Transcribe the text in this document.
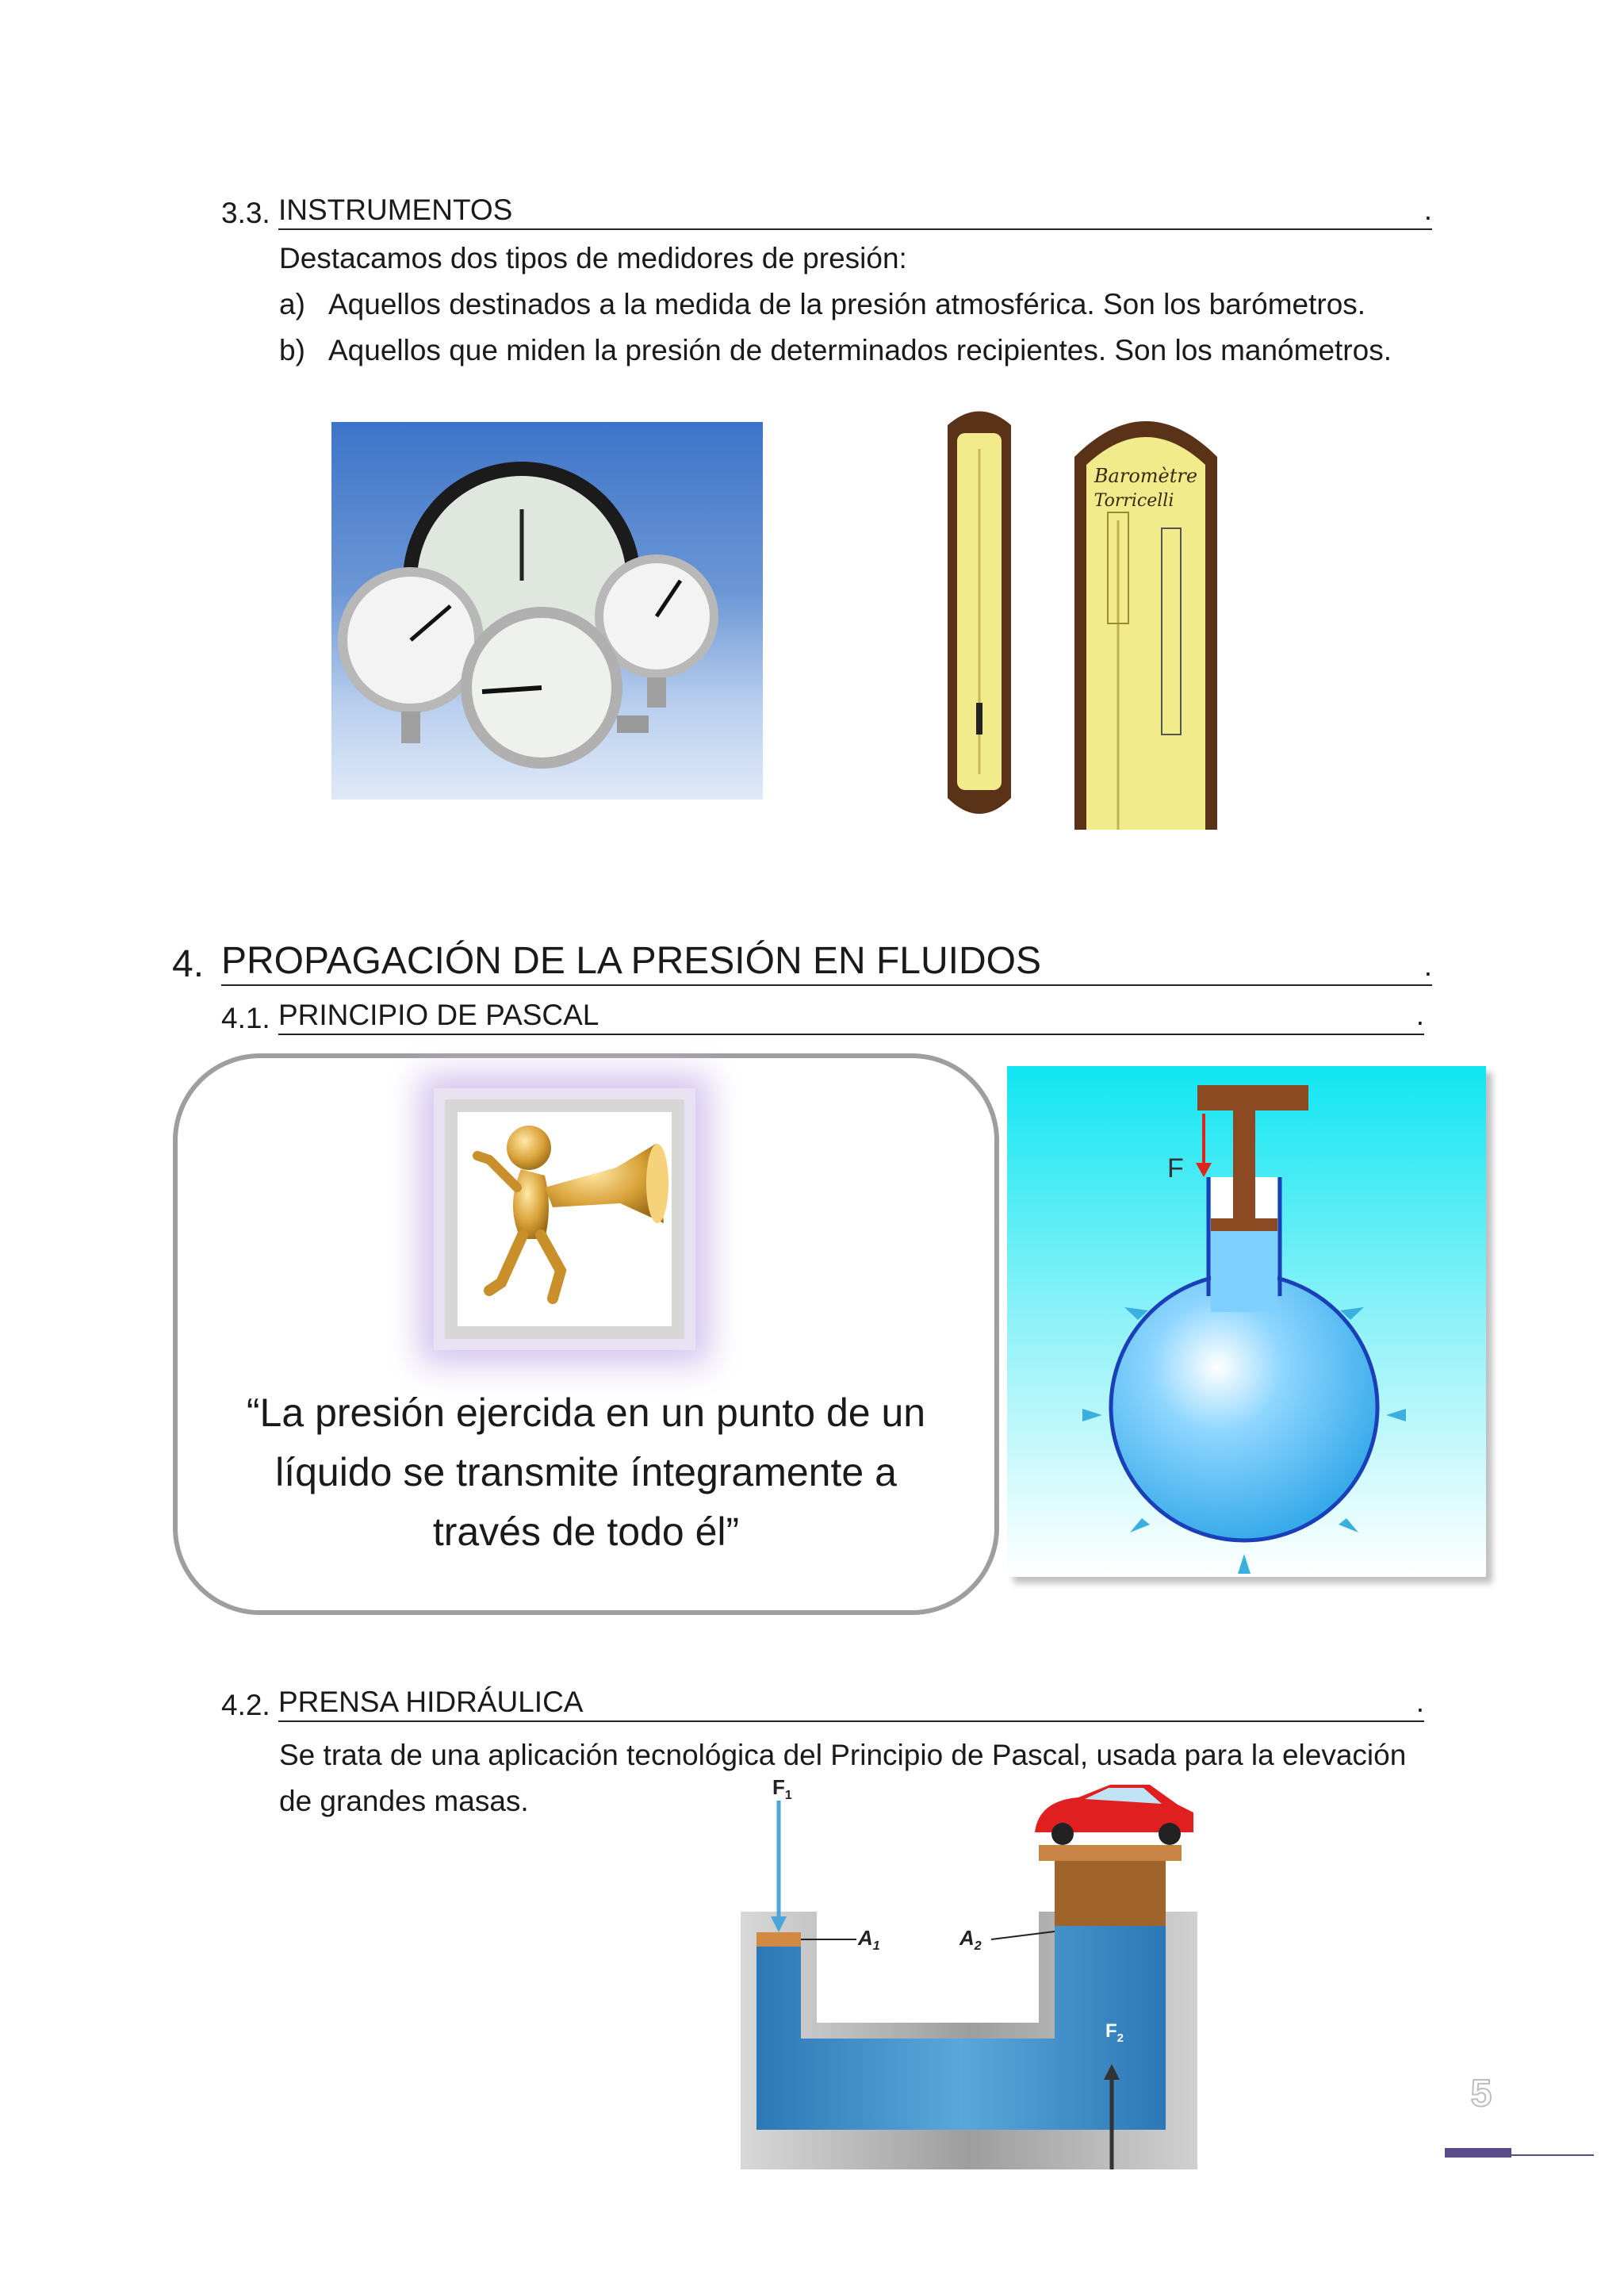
3.3. INSTRUMENTOS	.
Destacamos dos tipos de medidores de presión:
a) Aquellos destinados a la medida de la presión atmosférica. Son los barómetros.
b) Aquellos que miden la presión de determinados recipientes. Son los manómetros.
Baromètre
Torricelli
4. PROPAGACIÓN DE LA PRESIÓN EN FLUIDOS	.
4.1. PRINCIPIO DE PASCAL	.
“La presión ejercida en un punto de un líquido se transmite íntegramente a través de todo él”
F
4.2. PRENSA HIDRÁULICA	.
Se trata de una aplicación tecnológica del Principio de Pascal, usada para la elevación de grandes masas.	$F_1$
$F_2$
$A_1$	$A_2$
5
